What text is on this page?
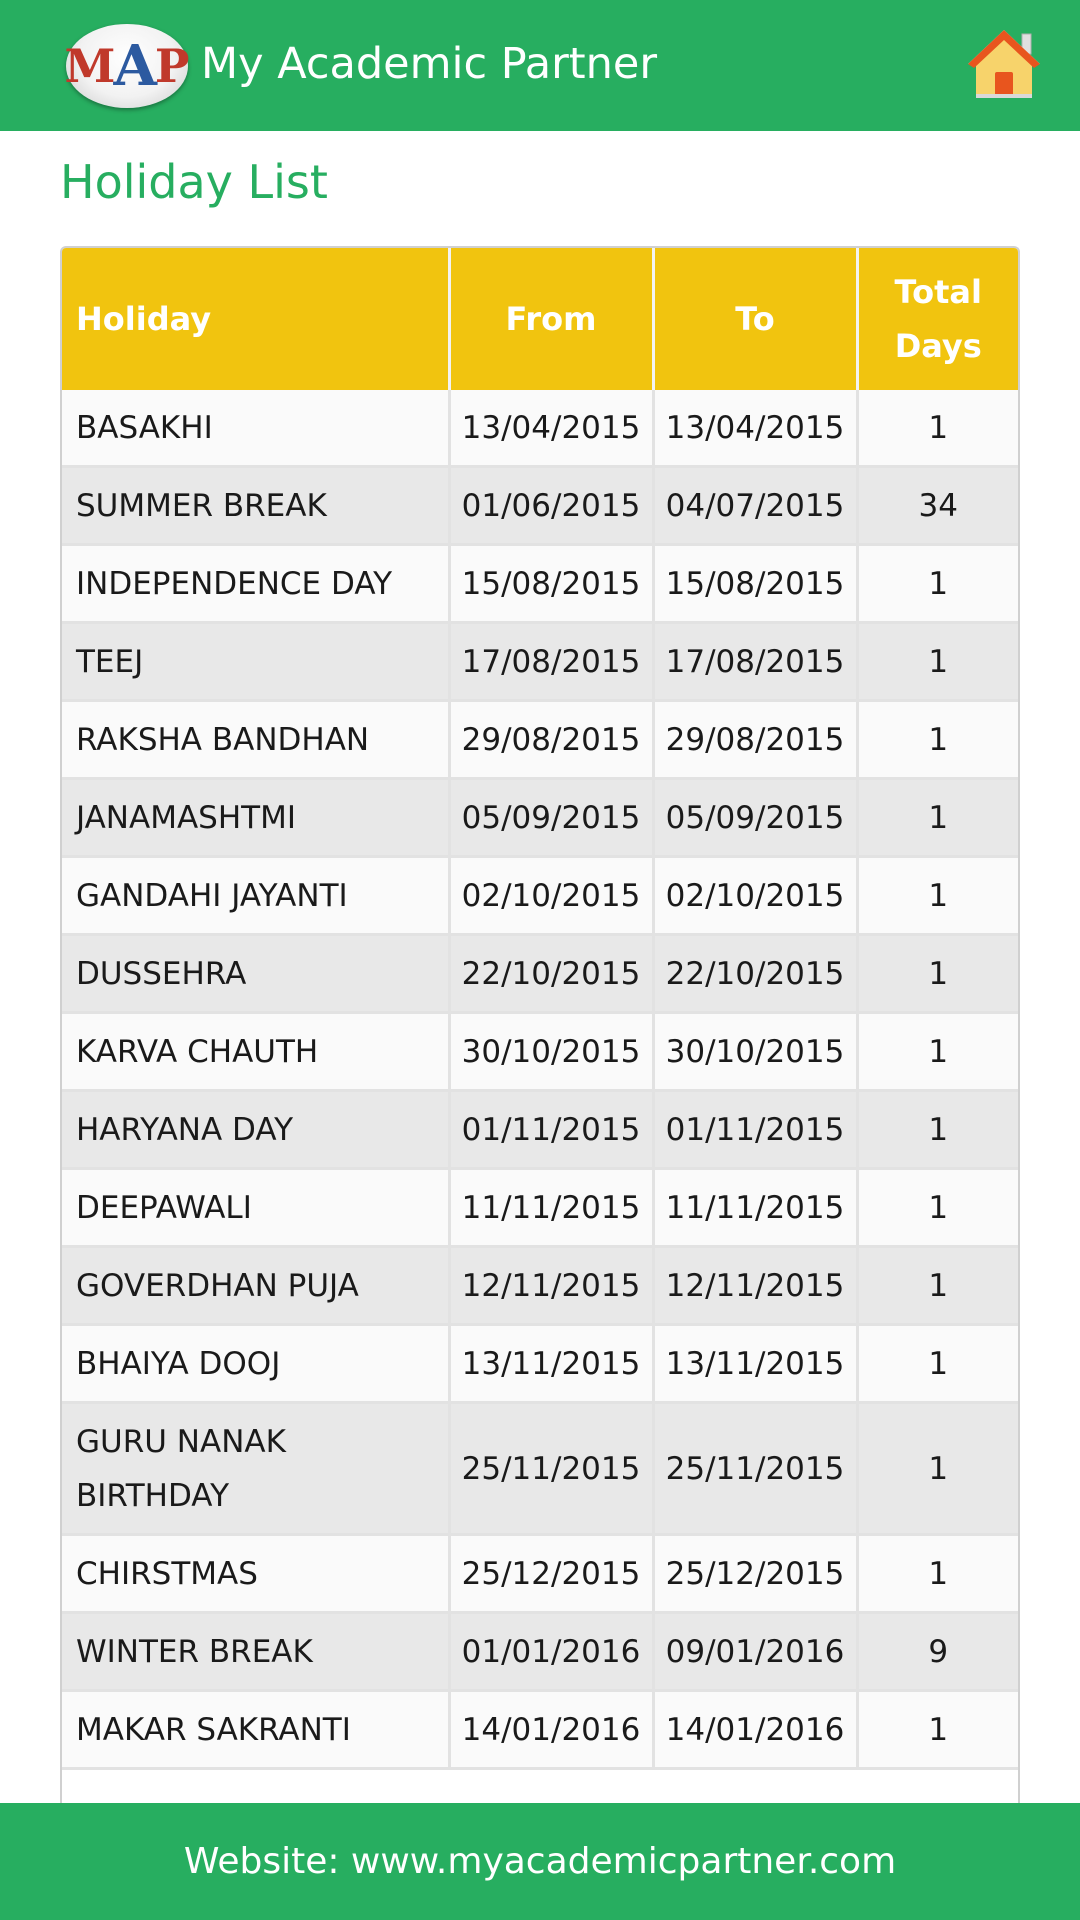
M
A
P My Academic Partner
Holiday List
Holiday	From	To	Total Days
BASAKHI	13/04/2015	13/04/2015	1
SUMMER BREAK	01/06/2015	04/07/2015	34
INDEPENDENCE DAY	15/08/2015	15/08/2015	1
TEEJ	17/08/2015	17/08/2015	1
RAKSHA BANDHAN	29/08/2015	29/08/2015	1
JANAMASHTMI	05/09/2015	05/09/2015	1
GANDAHI JAYANTI	02/10/2015	02/10/2015	1
DUSSEHRA	22/10/2015	22/10/2015	1
KARVA CHAUTH	30/10/2015	30/10/2015	1
HARYANA DAY	01/11/2015	01/11/2015	1
DEEPAWALI	11/11/2015	11/11/2015	1
GOVERDHAN PUJA	12/11/2015	12/11/2015	1
BHAIYA DOOJ	13/11/2015	13/11/2015	1
GURU NANAK BIRTHDAY	25/11/2015	25/11/2015	1
CHIRSTMAS	25/12/2015	25/12/2015	1
WINTER BREAK	01/01/2016	09/01/2016	9
MAKAR SAKRANTI	14/01/2016	14/01/2016	1
Website: www.myacademicpartner.com
